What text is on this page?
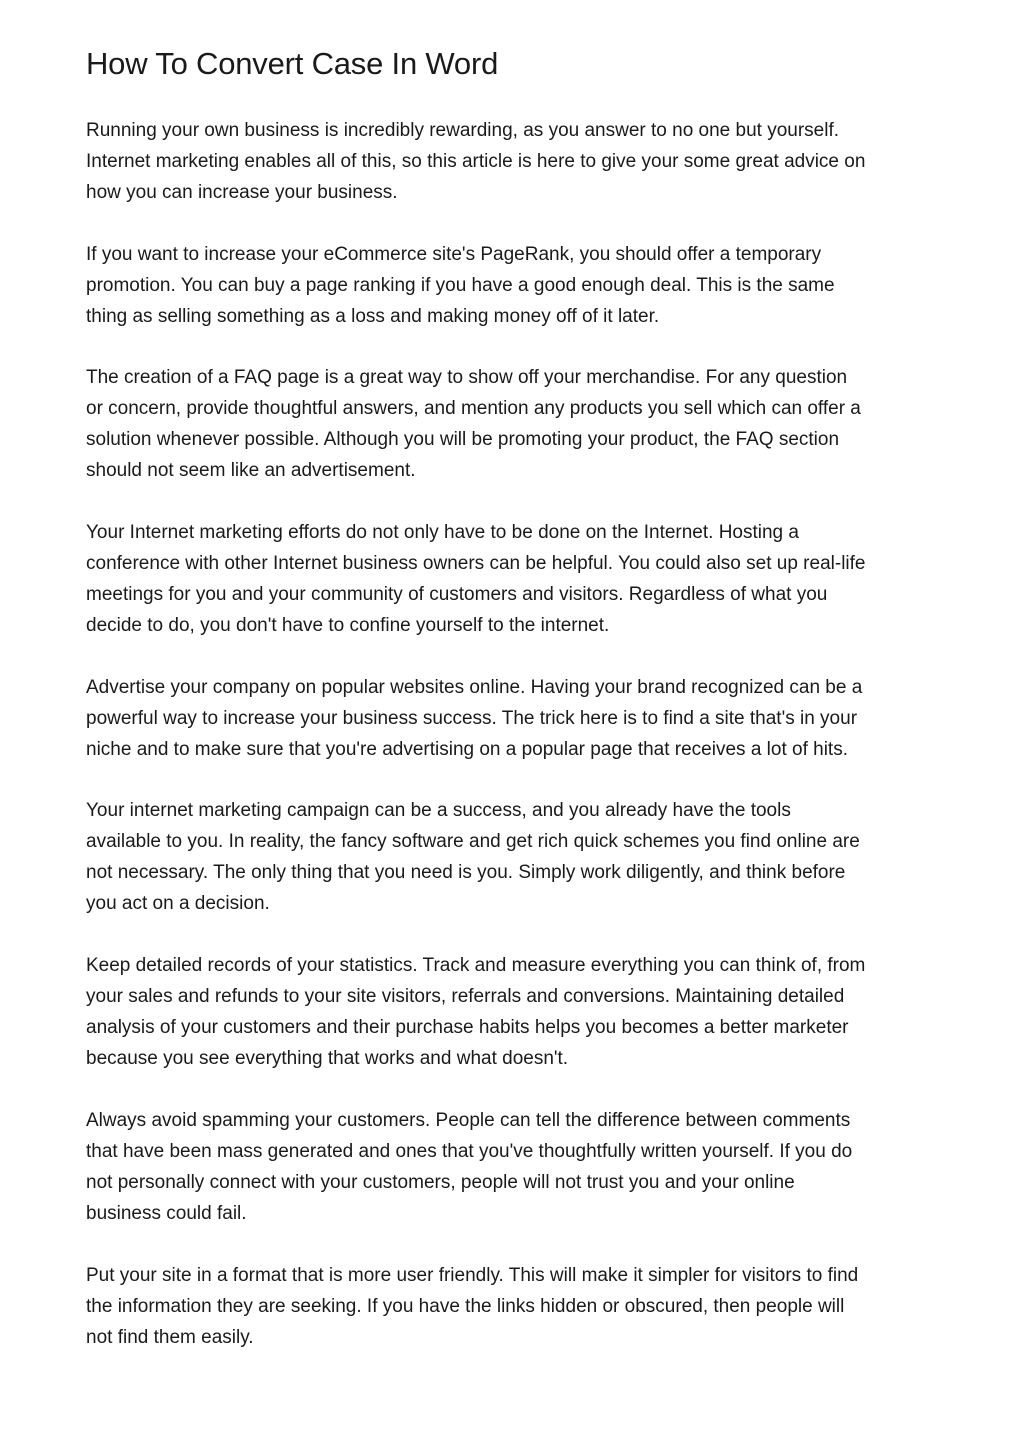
How To Convert Case In Word

Running your own business is incredibly rewarding, as you answer to no one but yourself.
Internet marketing enables all of this, so this article is here to give your some great advice on
how you can increase your business.

If you want to increase your eCommerce site's PageRank, you should offer a temporary
promotion. You can buy a page ranking if you have a good enough deal. This is the same
thing as selling something as a loss and making money off of it later.

The creation of a FAQ page is a great way to show off your merchandise. For any question
or concern, provide thoughtful answers, and mention any products you sell which can offer a
solution whenever possible. Although you will be promoting your product, the FAQ section
should not seem like an advertisement.

Your Internet marketing efforts do not only have to be done on the Internet. Hosting a
conference with other Internet business owners can be helpful. You could also set up real-life
meetings for you and your community of customers and visitors. Regardless of what you
decide to do, you don't have to confine yourself to the internet.

Advertise your company on popular websites online. Having your brand recognized can be a
powerful way to increase your business success. The trick here is to find a site that's in your
niche and to make sure that you're advertising on a popular page that receives a lot of hits.

Your internet marketing campaign can be a success, and you already have the tools
available to you. In reality, the fancy software and get rich quick schemes you find online are
not necessary. The only thing that you need is you. Simply work diligently, and think before
you act on a decision.

Keep detailed records of your statistics. Track and measure everything you can think of, from
your sales and refunds to your site visitors, referrals and conversions. Maintaining detailed
analysis of your customers and their purchase habits helps you becomes a better marketer
because you see everything that works and what doesn't.

Always avoid spamming your customers. People can tell the difference between comments
that have been mass generated and ones that you've thoughtfully written yourself. If you do
not personally connect with your customers, people will not trust you and your online
business could fail.

Put your site in a format that is more user friendly. This will make it simpler for visitors to find
the information they are seeking. If you have the links hidden or obscured, then people will
not find them easily.
